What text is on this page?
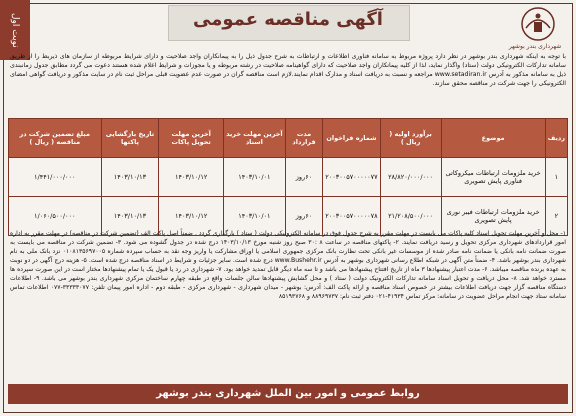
نوبت اول	آگهی مناقصه عمومی
شهرداری بندر بوشهر
با توجه به اینکه شهرداری بندر بوشهر در نظر دارد پروژه مربوط به سامانه فناوری اطلاعات و ارتباطات به شرح جدول ذیل را به پیمانکاران واجد صلاحیت و دارای شرایط مربوطه از سازمان های ذیربط را از طریق سامانه تدارکات الکترونیکی دولت (ستاد) واگذار نماید، لذا از کلیه پیمانکاران واجد صلاحیت که دارای گواهینامه صلاحیت در رشته مربوطه و یا مجوزات و شرایط اعلام شده هستند دعوت می گردد مطابق جدول زمانبندی ذیل به سامانه مذکور به آدرس www.setadiran.ir مراجعه و نسبت به دریافت اسناد و مدارک اقدام نمایند.لازم است مناقصه گران در صورت عدم عضویت قبلی مراحل ثبت نام در سایت مذکور و دریافت گواهی امضای الکترونیکی را جهت شرکت در مناقصه محقق سازند.
ردیف	موضوع	برآورد اولیه ( ریال )	شماره فراخوان	مدت قرارداد	آخرین مهلت خرید اسناد	آخرین مهلت تحویل پاکات	تاریخ بازگشایی پاکتها	مبلغ تضمین شرکت در مناقصه ( ریال )
۱	خرید ملزومات ارتباطات میکروکاتی فناوری پایش تصویری	۲۸/۸۲۰/۰۰۰/۰۰۰	۲۰۰۳۰۰۵۷۰۰۰۰۰۷۷	۶۰روز	۱۴۰۳/۱۰/۰۱	۱۴۰۳/۱۰/۱۲	۱۴۰۳/۱۰/۱۳	۱/۴۴۱/۰۰۰/۰۰۰
۲	خرید ملزومات ارتباطات فیبر نوری پایش تصویری	۲۱/۲۰۸/۵۰۰/۰۰۰	۲۰۰۳۰۰۵۷۰۰۰۰۰۷۸	۶۰روز	۱۴۰۳/۱۰/۰۱	۱۴۰۳/۱۰/۱۲	۱۴۰۳/۱۰/۱۳	۱/۰۶۰/۵۰۰/۰۰۰
۱- محل و آخرین مهلت تحویل اسناد کلیه پاکات می بایست در مهلت مقرر به شرح جدول فوق در سامانه الکترونیکی دولت ( ستاد ) بارگذاری گردد . ضمناً اصل پاکت الف (تضمین شرکت در مناقصه) در مهلت مقرر به اداره امور قراردادهای شهرداری مرکزی تحویل و رسید دریافت نمایند. ۲- پاکتهای مناقصه در ساعت ۸ :۳۰ صبح روز شنبه مورخ ۱۴۰۳/۱۰/۱۳ درج شده در جدول گشوده می شود. ۳- تضمین شرکت در مناقصه می بایست به صورت ضمانت نامه بانکی یا ضمانت نامه صادر شده از موسسات غیر بانکی تحت نظارت بانک مرکزی جمهوری اسلامی یا اوراق مشارکت یا واریز وجه نقد به حساب سپرده شماره ۰۱۰۸۱۳۵۶۹۷۰۰۵ نزد بانک ملی به نام شهرداری بندر بوشهر باشد. ۴- ضمناً متن آگهی در شبکه اطلاع رسانی شهرداری بوشهر به آدرس www.Bushehr.ir درج شده است. سایر جزئیات و شرایط در اسناد مناقصه درج شده است. ۵- هزینه درج آگهی در دو نوبت به عهده برنده مناقصه میباشد. ۶- مدت اعتبار پیشنهادها ۳ ماه از تاریخ افتتاح پیشنهادها می باشد و تا سه ماه دیگر قابل تمدید خواهد بود. ۷- شهرداری در رد یا قبول یک یا تمام پیشنهادها مختار است در این صورت سپرده ها مسترد خواهد شد. ۸- محل دریافت و تحویل اسناد سامانه تدارکات الکترونیک دولت ( ستاد ) و محل گشایش پیشنهادها سالن جلسات واقع در طبقه چهارم ساختمان مرکزی شهرداری بندر بوشهر می باشد. ۹- اطلاعات دستگاه مناقصه گزار جهت دریافت اطلاعات بیشتر در خصوص اسناد مناقصه و ارائه پاکت الف: آدرس: بوشهر - میدان شهرداری - شهرداری مرکزی - طبقه دوم - اداره امور پیمان تلفن: ۳۳۳۳۳۰۷۷-۰۷۷ اطلاعات تماس سامانه ستاد جهت انجام مراحل عضویت در سامانه: مرکز تماس ۴۱۹۳۴-۰۲۱ دفتر ثبت نام: ۸۸۹۶۹۷۳۷ و ۸۵۱۹۳۷۶۸
روابط عمومی و امور بین الملل شهرداری بندر بوشهر
